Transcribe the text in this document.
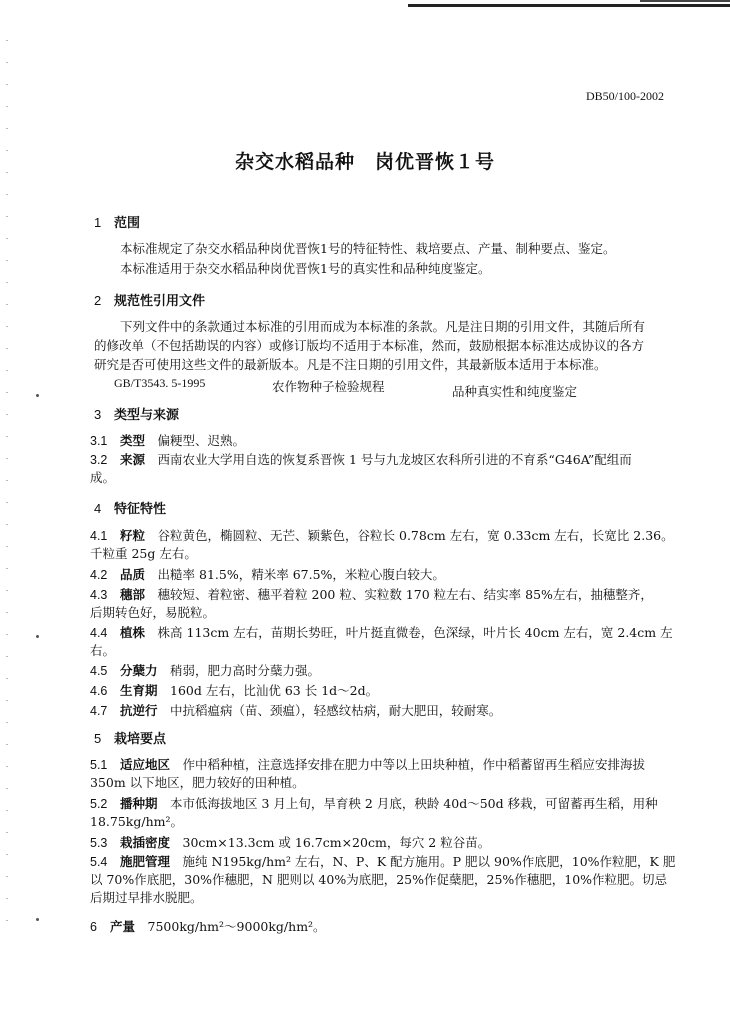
DB50/100-2002
杂交水稻品种　岗优晋恢１号
1 范围
本标准规定了杂交水稻品种岗优晋恢1号的特征特性、栽培要点、产量、制种要点、鉴定。
本标准适用于杂交水稻品种岗优晋恢1号的真实性和品种纯度鉴定。
2 规范性引用文件
下列文件中的条款通过本标准的引用而成为本标准的条款。凡是注日期的引用文件，其随后所有
的修改单（不包括勘误的内容）或修订版均不适用于本标准，然而，鼓励根据本标准达成协议的各方
研究是否可使用这些文件的最新版本。凡是不注日期的引用文件，其最新版本适用于本标准。
GB/T3543. 5-1995	农作物种子检验规程	品种真实性和纯度鉴定
3 类型与来源
3.1 类型　 偏粳型、迟熟。
3.2 来源　 西南农业大学用自选的恢复系晋恢 1 号与九龙坡区农科所引进的不育系“G46A”配组而
成。
4 特征特性
4.1 籽粒　 谷粒黄色，椭圆粒、无芒、颖紫色，谷粒长 0.78cm 左右，宽 0.33cm 左右，长宽比 2.36。
千粒重 25g 左右。
4.2 品质　 出糙率 81.5%，精米率 67.5%，米粒心腹白较大。
4.3 穗部　 穗较短、着粒密、穗平着粒 200 粒、实粒数 170 粒左右、结实率 85%左右，抽穗整齐，
后期转色好，易脱粒。
4.4 植株　 株高 113cm 左右，苗期长势旺，叶片挺直微卷，色深绿，叶片长 40cm 左右，宽 2.4cm 左
右。
4.5 分蘖力　 稍弱，肥力高时分蘖力强。
4.6 生育期　 160d 左右，比汕优 63 长 1d～2d。
4.7 抗逆行　 中抗稻瘟病（苗、颈瘟），轻感纹枯病，耐大肥田，较耐寒。
5 栽培要点
5.1 适应地区　 作中稻种植，注意选择安排在肥力中等以上田块种植，作中稻蓄留再生稻应安排海拔
350m 以下地区，肥力较好的田种植。
5.2 播种期　 本市低海拔地区 3 月上旬，旱育秧 2 月底，秧龄 40d～50d 移栽，可留蓄再生稻，用种
18.75kg/hm²。
5.3 栽插密度　 30cm×13.3cm 或 16.7cm×20cm，每穴 2 粒谷苗。
5.4 施肥管理　 施纯 N195kg/hm² 左右，N、P、K 配方施用。P 肥以 90%作底肥，10%作粒肥，K 肥
以 70%作底肥，30%作穗肥，N 肥则以 40%为底肥，25%作促蘖肥，25%作穗肥，10%作粒肥。切忌
后期过早排水脱肥。
6 产量　 7500kg/hm²～9000kg/hm²。
